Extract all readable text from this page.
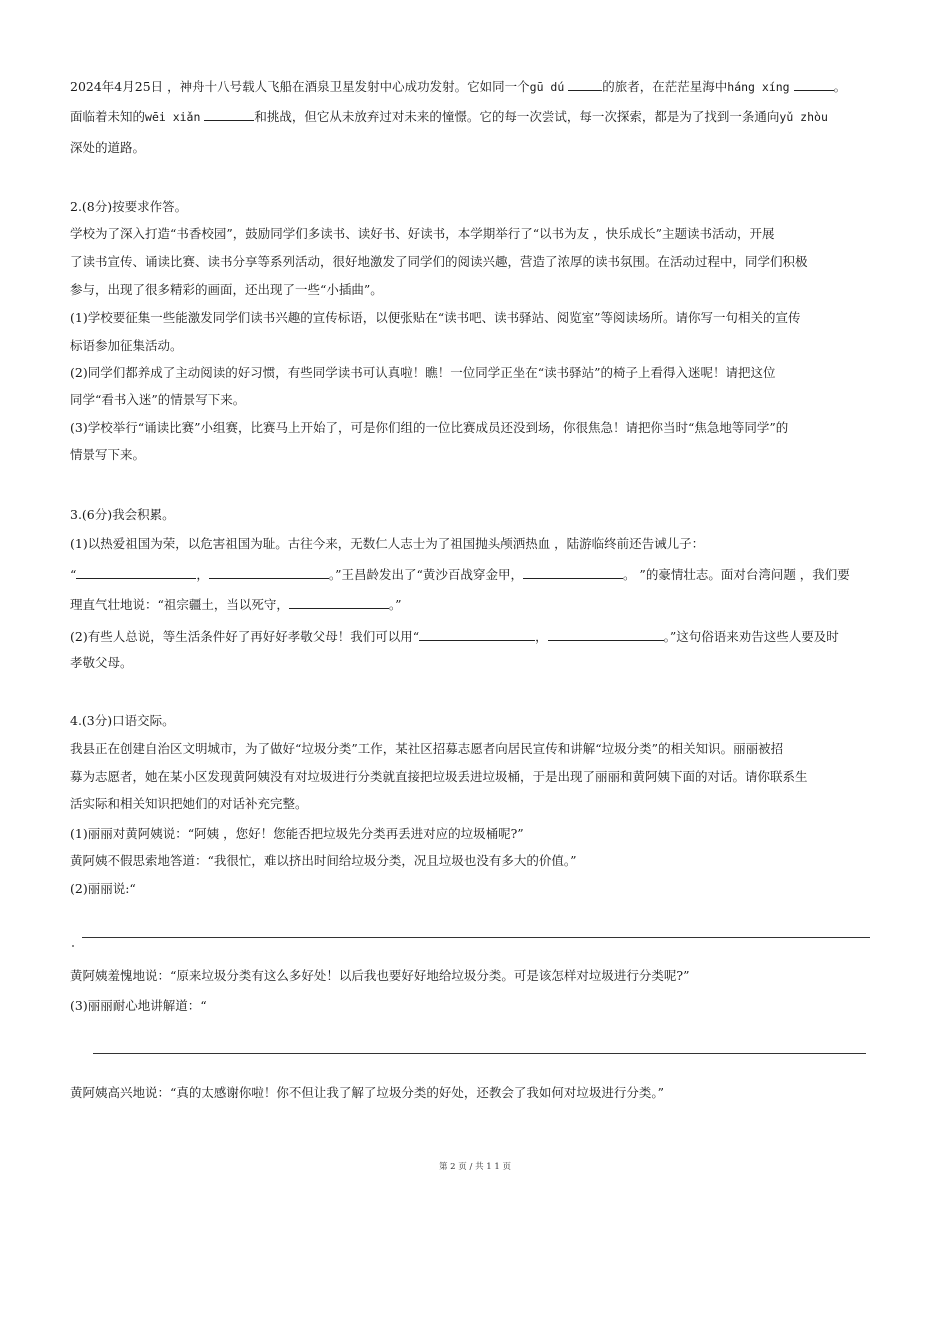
2024年4月25日 ，神舟十八号载人飞船在酒泉卫星发射中心成功发射。它如同一个gū dú	的旅者，在茫茫星海中háng xíng	。
面临着未知的wēi xiǎn	和挑战，但它从未放弃过对未来的憧憬。它的每一次尝试，每一次探索，都是为了找到一条通向yǔ zhòu
深处的道路。
2.(8分)按要求作答。
学校为了深入打造“书香校园”，鼓励同学们多读书、读好书、好读书，本学期举行了“以书为友 ，快乐成长”主题读书活动，开展
了读书宣传、诵读比赛、读书分享等系列活动，很好地激发了同学们的阅读兴趣，营造了浓厚的读书氛围。在活动过程中，同学们积极
参与，出现了很多精彩的画面，还出现了一些“小插曲”。
(1)学校要征集一些能激发同学们读书兴趣的宣传标语，以便张贴在“读书吧、读书驿站、阅览室”等阅读场所。请你写一句相关的宣传
标语参加征集活动。
(2)同学们都养成了主动阅读的好习惯，有些同学读书可认真啦！瞧！一位同学正坐在“读书驿站”的椅子上看得入迷呢！请把这位
同学“看书入迷”的情景写下来。
(3)学校举行“诵读比赛”小组赛，比赛马上开始了，可是你们组的一位比赛成员还没到场，你很焦急！请把你当时“焦急地等同学”的
情景写下来。
3.(6分)我会积累。
(1)以热爱祖国为荣，以危害祖国为耻。古往今来，无数仁人志士为了祖国抛头颅洒热血 ，陆游临终前还告诫儿子：
“	，	。”王昌龄发出了“黄沙百战穿金甲，	。 ”的豪情壮志。面对台湾问题 ，我们要
理直气壮地说：“祖宗疆土，当以死守，	。”
(2)有些人总说，等生活条件好了再好好孝敬父母！我们可以用“	，	。”这句俗语来劝告这些人要及时
孝敬父母。
4.(3分)口语交际。
我县正在创建自治区文明城市，为了做好“垃圾分类”工作，某社区招募志愿者向居民宣传和讲解“垃圾分类”的相关知识。丽丽被招
募为志愿者，她在某小区发现黄阿姨没有对垃圾进行分类就直接把垃圾丢进垃圾桶，于是出现了丽丽和黄阿姨下面的对话。请你联系生
活实际和相关知识把她们的对话补充完整。
(1)丽丽对黄阿姨说：“阿姨 ，您好！您能否把垃圾先分类再丢进对应的垃圾桶呢?”
黄阿姨不假思索地答道：“我很忙，难以挤出时间给垃圾分类，况且垃圾也没有多大的价值。”
(2)丽丽说:“
黄阿姨羞愧地说：“原来垃圾分类有这么多好处！以后我也要好好地给垃圾分类。可是该怎样对垃圾进行分类呢?”
(3)丽丽耐心地讲解道：“
黄阿姨高兴地说：“真的太感谢你啦！你不但让我了解了垃圾分类的好处，还教会了我如何对垃圾进行分类。”
第 2 页 / 共 1 1 页
